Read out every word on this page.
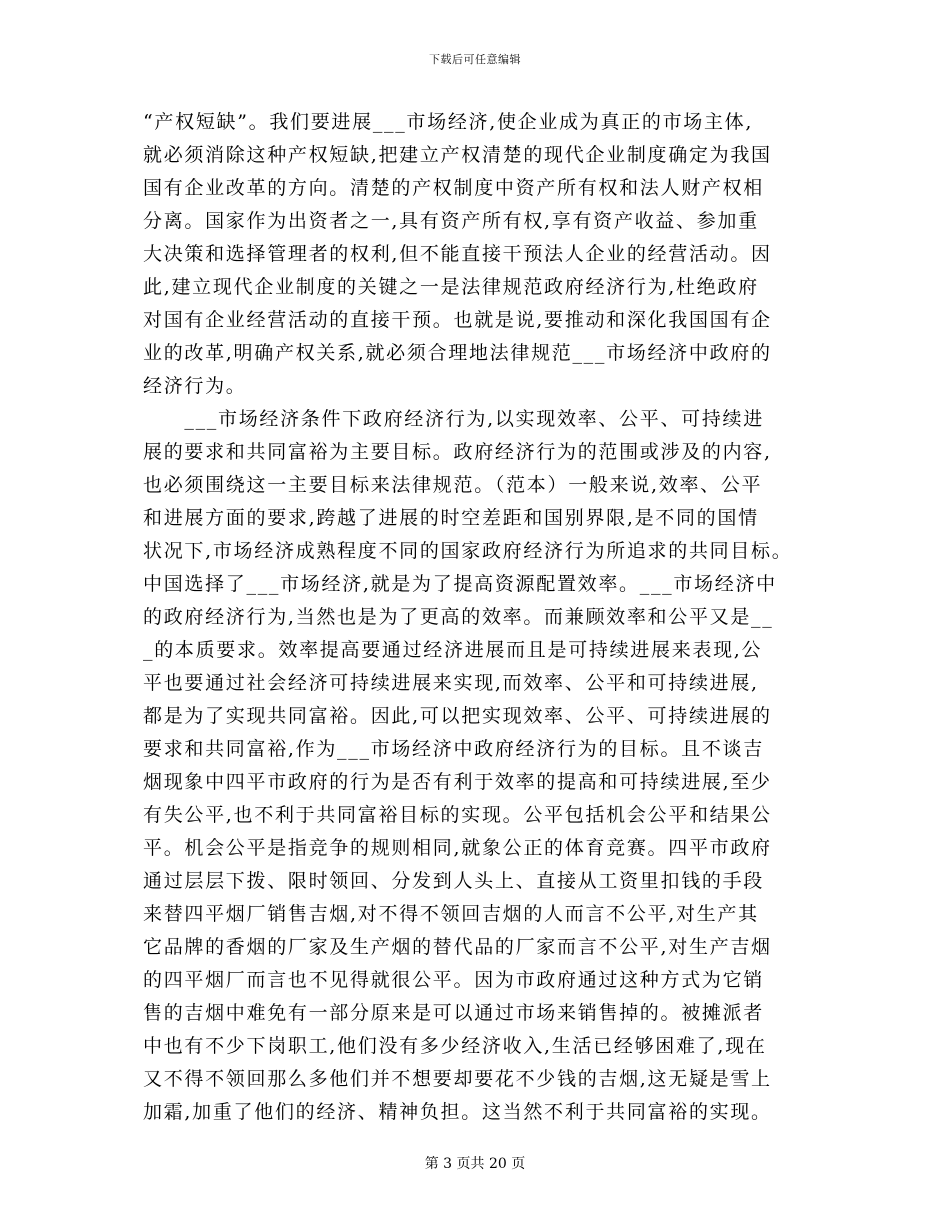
下载后可任意编辑
“产权短缺”。我们要进展___市场经济,使企业成为真正的市场主体,
就必须消除这种产权短缺,把建立产权清楚的现代企业制度确定为我国
国有企业改革的方向。清楚的产权制度中资产所有权和法人财产权相
分离。国家作为出资者之一,具有资产所有权,享有资产收益、参加重
大决策和选择管理者的权利,但不能直接干预法人企业的经营活动。因
此,建立现代企业制度的关键之一是法律规范政府经济行为,杜绝政府
对国有企业经营活动的直接干预。也就是说,要推动和深化我国国有企
业的改革,明确产权关系,就必须合理地法律规范___市场经济中政府的
经济行为。
　　___市场经济条件下政府经济行为,以实现效率、公平、可持续进
展的要求和共同富裕为主要目标。政府经济行为的范围或涉及的内容,
也必须围绕这一主要目标来法律规范。（范本）一般来说,效率、公平
和进展方面的要求,跨越了进展的时空差距和国别界限,是不同的国情
状况下,市场经济成熟程度不同的国家政府经济行为所追求的共同目标。
中国选择了___市场经济,就是为了提高资源配置效率。___市场经济中
的政府经济行为,当然也是为了更高的效率。而兼顾效率和公平又是__
_的本质要求。效率提高要通过经济进展而且是可持续进展来表现,公
平也要通过社会经济可持续进展来实现,而效率、公平和可持续进展,
都是为了实现共同富裕。因此,可以把实现效率、公平、可持续进展的
要求和共同富裕,作为___市场经济中政府经济行为的目标。且不谈吉
烟现象中四平市政府的行为是否有利于效率的提高和可持续进展,至少
有失公平,也不利于共同富裕目标的实现。公平包括机会公平和结果公
平。机会公平是指竞争的规则相同,就象公正的体育竞赛。四平市政府
通过层层下拨、限时领回、分发到人头上、直接从工资里扣钱的手段
来替四平烟厂销售吉烟,对不得不领回吉烟的人而言不公平,对生产其
它品牌的香烟的厂家及生产烟的替代品的厂家而言不公平,对生产吉烟
的四平烟厂而言也不见得就很公平。因为市政府通过这种方式为它销
售的吉烟中难免有一部分原来是可以通过市场来销售掉的。被摊派者
中也有不少下岗职工,他们没有多少经济收入,生活已经够困难了,现在
又不得不领回那么多他们并不想要却要花不少钱的吉烟,这无疑是雪上
加霜,加重了他们的经济、精神负担。这当然不利于共同富裕的实现。
第 3 页共 20 页
